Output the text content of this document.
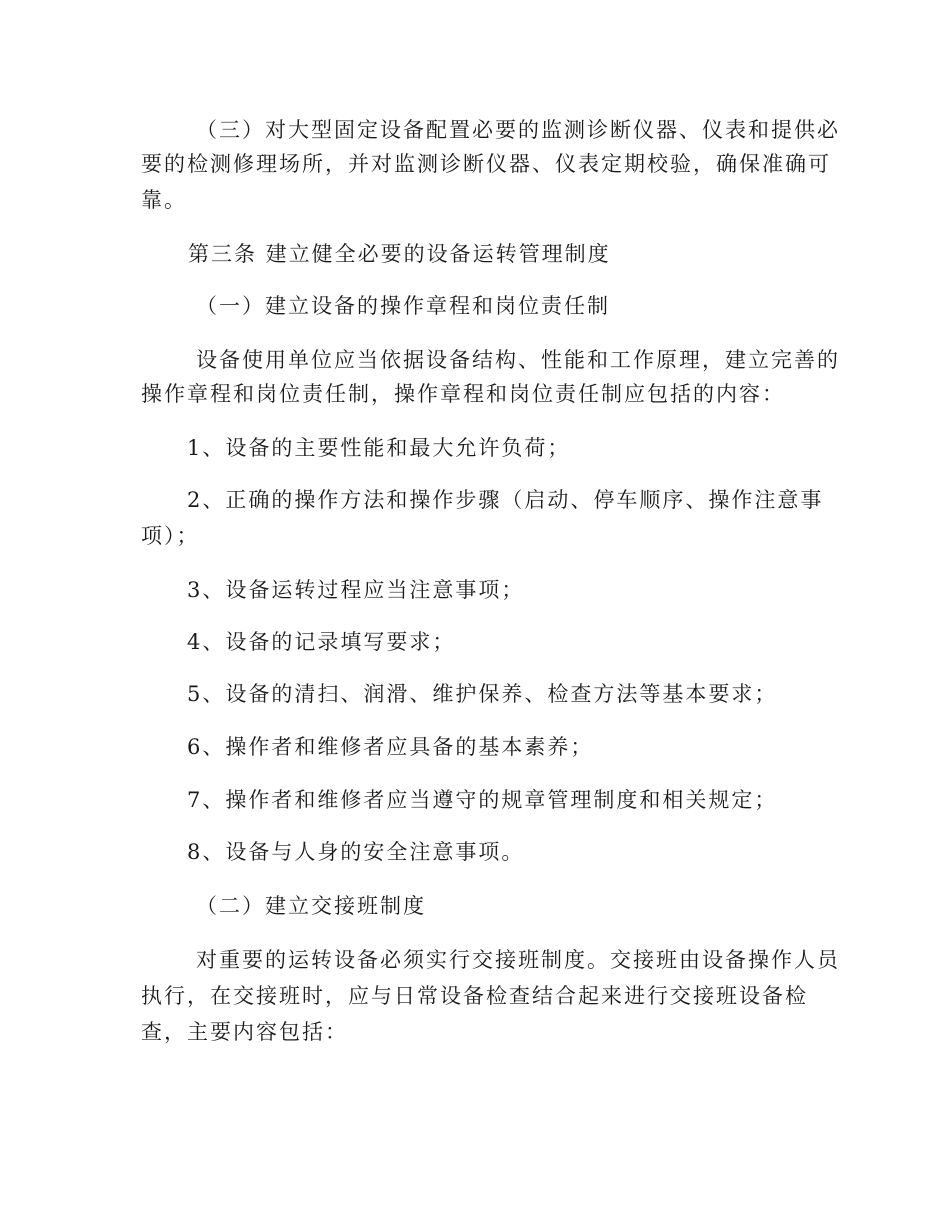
（三）对大型固定设备配置必要的监测诊断仪器、仪表和提供必
要的检测修理场所，并对监测诊断仪器、仪表定期校验，确保准确可
靠。
第三条 建立健全必要的设备运转管理制度
（一）建立设备的操作章程和岗位责任制
设备使用单位应当依据设备结构、性能和工作原理，建立完善的
操作章程和岗位责任制，操作章程和岗位责任制应包括的内容：
1、设备的主要性能和最大允许负荷；
2、正确的操作方法和操作步骤（启动、停车顺序、操作注意事
项）；
3、设备运转过程应当注意事项；
4、设备的记录填写要求；
5、设备的清扫、润滑、维护保养、检查方法等基本要求；
6、操作者和维修者应具备的基本素养；
7、操作者和维修者应当遵守的规章管理制度和相关规定；
8、设备与人身的安全注意事项。
（二）建立交接班制度
对重要的运转设备必须实行交接班制度。交接班由设备操作人员
执行，在交接班时，应与日常设备检查结合起来进行交接班设备检
查，主要内容包括：
